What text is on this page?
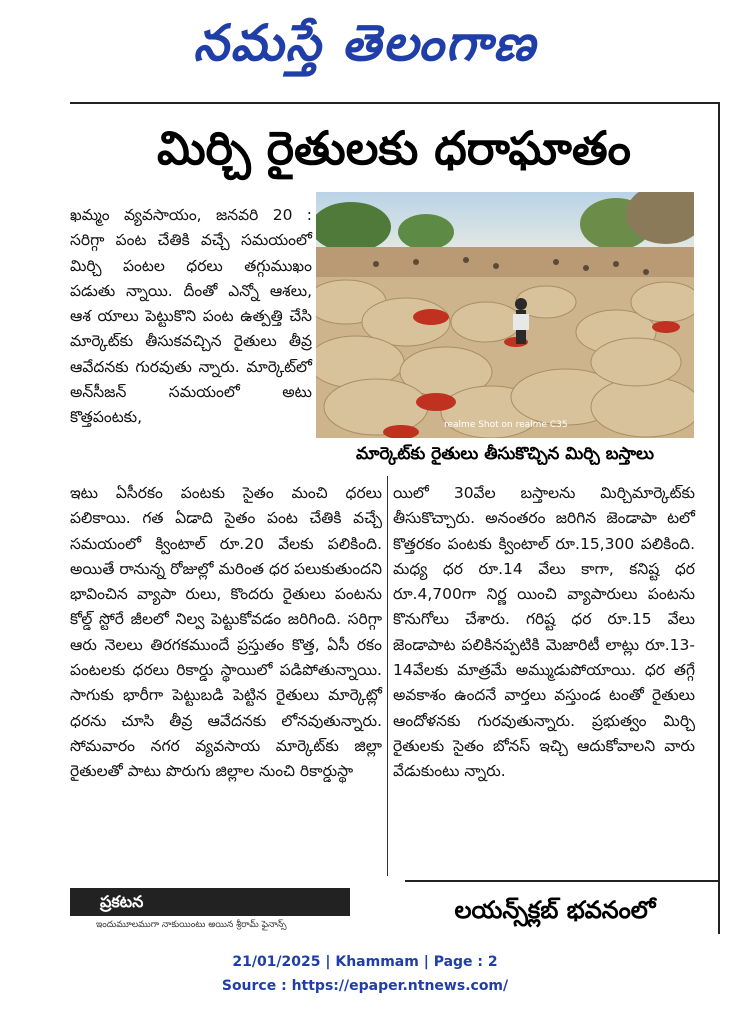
నమస్తే తెలంగాణ
మిర్చి రైతులకు ధరాఘాతం
realme Shot on realme C35
మార్కెట్‌కు రైతులు తీసుకొచ్చిన మిర్చి బస్తాలు
ఖమ్మం వ్యవసాయం, జనవరి 20 : సరిగ్గా పంట చేతికి వచ్చే సమయంలో మిర్చి పంటల ధరలు తగ్గుముఖం పడుతు న్నాయి. దీంతో ఎన్నో ఆశలు, ఆశ యాలు పెట్టుకొని పంట ఉత్పత్తి చేసి మార్కెట్‌కు తీసుకవచ్చిన రైతులు తీవ్ర ఆవేదనకు గురవుతు న్నారు. మార్కెట్‌లో అన్‌సీజన్ సమయంలో అటు కొత్తపంటకు,
ఇటు ఏసీరకం పంటకు సైతం మంచి ధరలు పలికాయి. గత ఏడాది సైతం పంట చేతికి వచ్చే సమయంలో క్వింటాల్ రూ.20 వేలకు పలికింది. అయితే రానున్న రోజుల్లో మరింత ధర పలుకుతుందని భావించిన వ్యాపా రులు, కొందరు రైతులు పంటను కోల్డ్ స్టోరే జీలలో నిల్వ పెట్టుకోవడం జరిగింది. సరిగ్గా ఆరు నెలలు తిరగకముందే ప్రస్తుతం కొత్త, ఏసీ రకం పంటలకు ధరలు రికార్డు స్థాయిలో పడిపోతున్నాయి. సాగుకు భారీగా పెట్టుబడి పెట్టిన రైతులు మార్కెట్లో ధరను చూసి తీవ్ర ఆవేదనకు లోనవుతున్నారు. సోమవారం నగర వ్యవసాయ మార్కెట్‌కు జిల్లా రైతులతో పాటు పొరుగు జిల్లాల నుంచి రికార్డుస్థా
యిలో 30వేల బస్తాలను మిర్చిమార్కెట్‌కు తీసుకొచ్చారు. అనంతరం జరిగిన జెండాపా టలో కొత్తరకం పంటకు క్వింటాల్ రూ.15,300 పలికింది. మధ్య ధర రూ.14 వేలు కాగా, కనిష్ట ధర రూ.4,700గా నిర్ణ యించి వ్యాపారులు పంటను కొనుగోలు చేశారు. గరిష్ట ధర రూ.15 వేలు జెండాపాట పలికినప్పటికి మెజారిటీ లాట్లు రూ.13-14వేలకు మాత్రమే అమ్ముడుపోయాయి. ధర తగ్గే అవకాశం ఉందనే వార్తలు వస్తుండ టంతో రైతులు ఆందోళనకు గురవుతున్నారు. ప్రభుత్వం మిర్చి రైతులకు సైతం బోనస్ ఇచ్చి ఆదుకోవాలని వారు వేడుకుంటు న్నారు.
ప్రకటన
ఇందుమూలముగా నాకుయింటు అయిన శ్రీరామ్ ఫైనాన్స్
లయన్స్‌క్లబ్ భవనంలో
21/01/2025 | Khammam | Page : 2
Source : https://epaper.ntnews.com/
